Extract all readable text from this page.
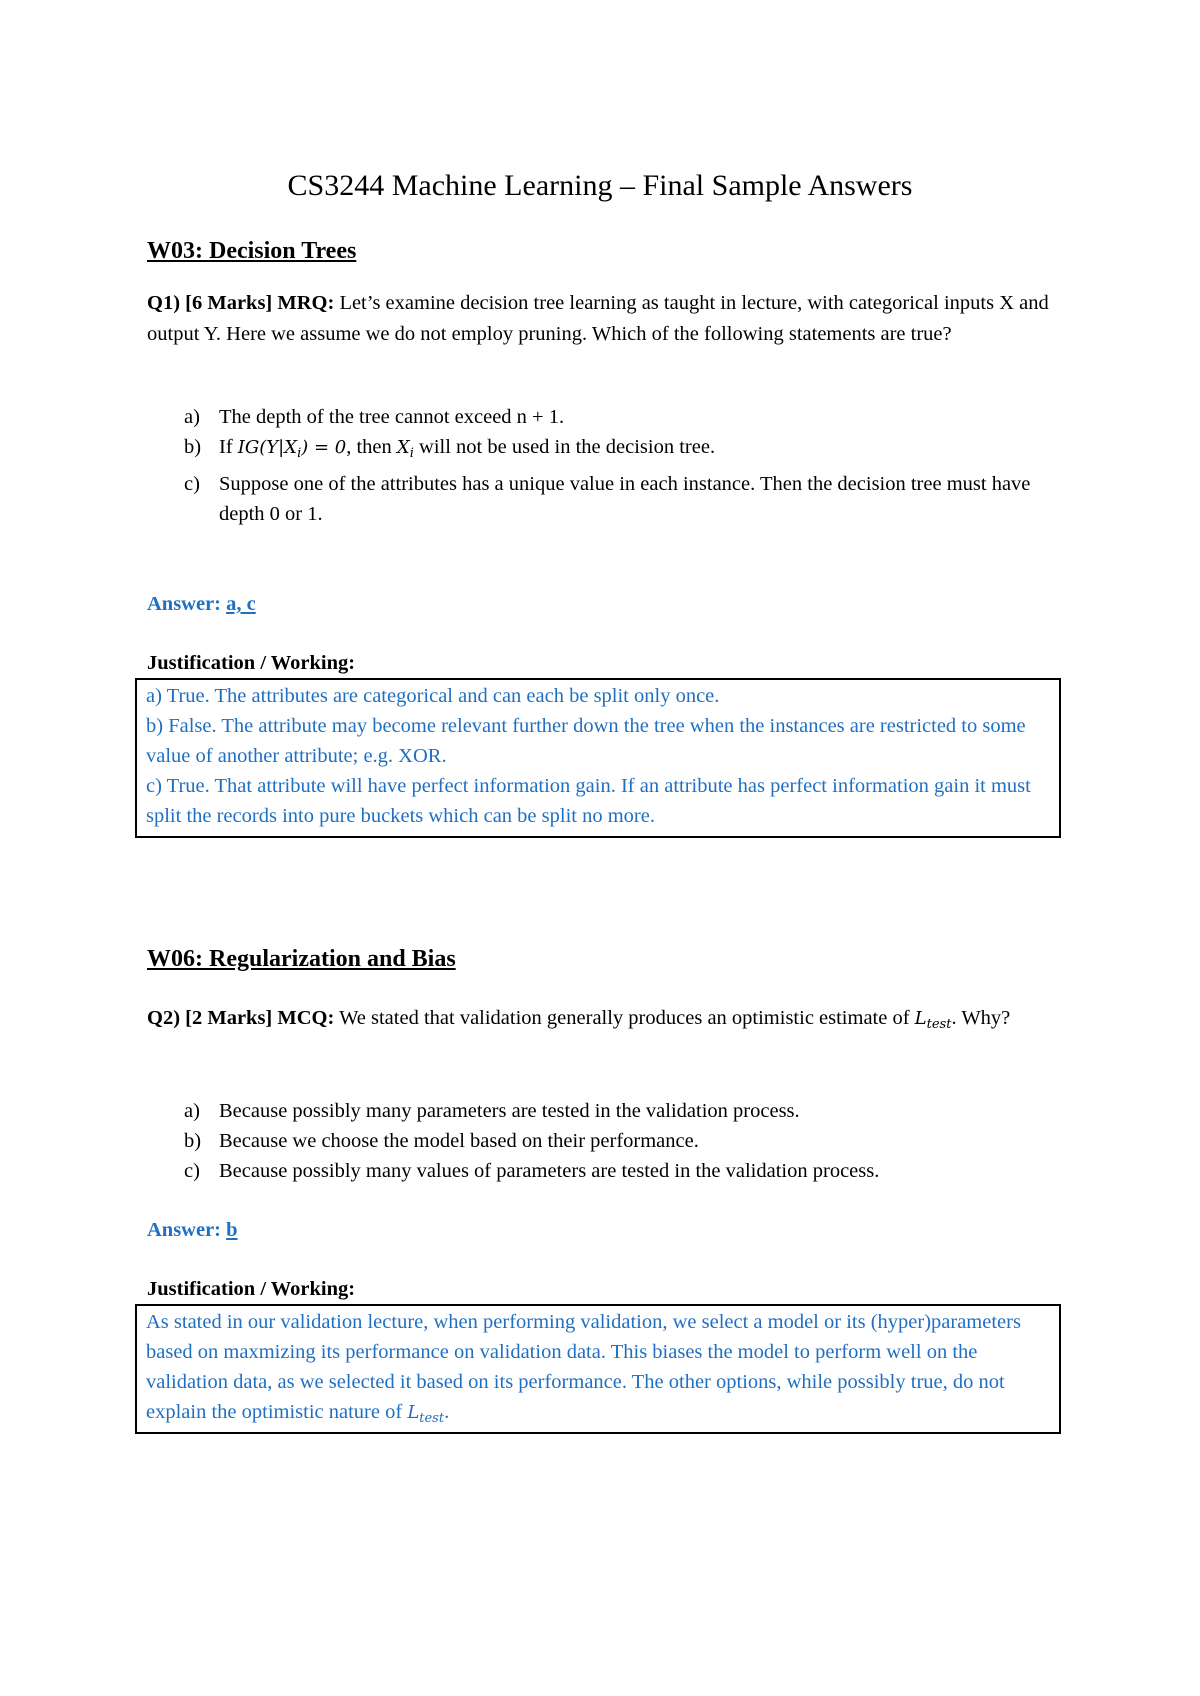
CS3244 Machine Learning – Final Sample Answers
W03: Decision Trees
Q1) [6 Marks] MRQ: Let’s examine decision tree learning as taught in lecture, with categorical inputs X and output Y. Here we assume we do not employ pruning. Which of the following statements are true?
a) The depth of the tree cannot exceed n + 1.
b) If $IG(Y|X_i) = 0$, then $X_i$ will not be used in the decision tree.
c) Suppose one of the attributes has a unique value in each instance. Then the decision tree must have depth 0 or 1.
Answer: a, c
Justification / Working:

a) True. The attributes are categorical and can each be split only once.

b) False. The attribute may become relevant further down the tree when the instances are restricted to some value of another attribute; e.g. XOR.

c) True. That attribute will have perfect information gain. If an attribute has perfect information gain it must split the records into pure buckets which can be split no more.

W06: Regularization and Bias
Q2) [2 Marks] MCQ: We stated that validation generally produces an optimistic estimate of $L_{test}$. Why?
a) Because possibly many parameters are tested in the validation process.
b) Because we choose the model based on their performance.
c) Because possibly many values of parameters are tested in the validation process.
Answer: b
Justification / Working:

As stated in our validation lecture, when performing validation, we select a model or its (hyper)parameters based on maxmizing its performance on validation data. This biases the model to perform well on the validation data, as we selected it based on its performance. The other options, while possibly true, do not explain the optimistic nature of $L_{test}$.
